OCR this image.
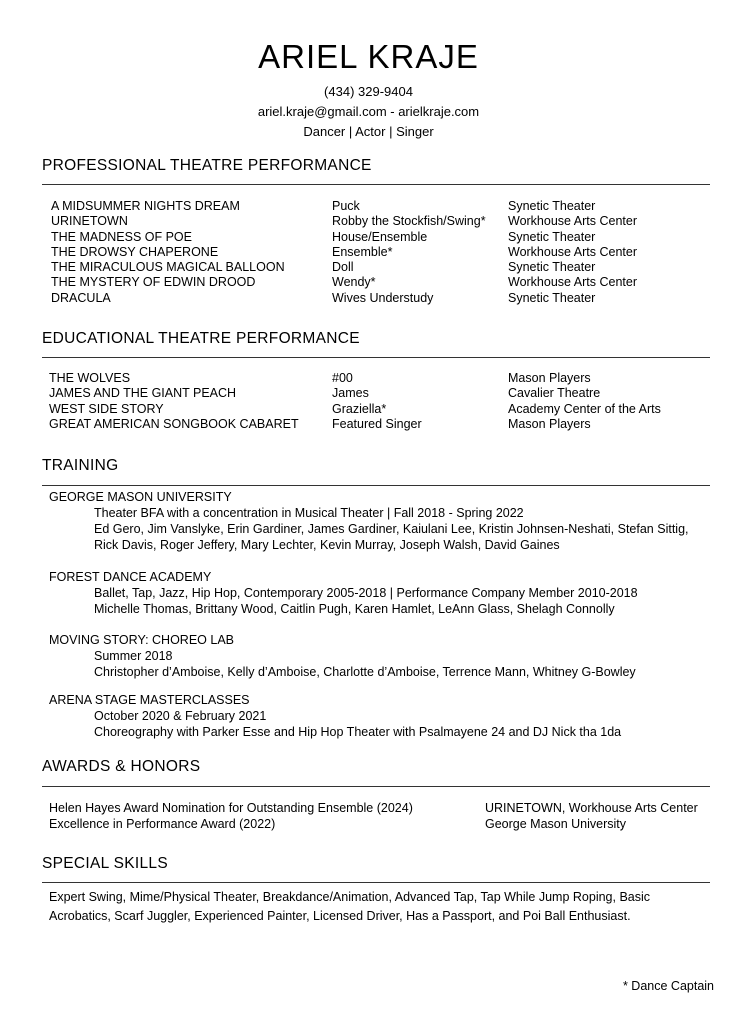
ARIEL KRAJE
(434) 329-9404
ariel.kraje@gmail.com - arielkraje.com
Dancer | Actor | Singer
PROFESSIONAL THEATRE PERFORMANCE
A MIDSUMMER NIGHTS DREAM	Puck	Synetic Theater
URINETOWN	Robby the Stockfish/Swing*	Workhouse Arts Center
THE MADNESS OF POE	House/Ensemble	Synetic Theater
THE DROWSY CHAPERONE	Ensemble*	Workhouse Arts Center
THE MIRACULOUS MAGICAL BALLOON	Doll	Synetic Theater
THE MYSTERY OF EDWIN DROOD	Wendy*	Workhouse Arts Center
DRACULA	Wives Understudy	Synetic Theater
EDUCATIONAL THEATRE PERFORMANCE
THE WOLVES	#00	Mason Players
JAMES AND THE GIANT PEACH	James	Cavalier Theatre
WEST SIDE STORY	Graziella*	Academy Center of the Arts
GREAT AMERICAN SONGBOOK CABARET	Featured Singer	Mason Players
TRAINING
GEORGE MASON UNIVERSITY
Theater BFA with a concentration in Musical Theater | Fall 2018 - Spring 2022
Ed Gero, Jim Vanslyke, Erin Gardiner, James Gardiner, Kaiulani Lee, Kristin Johnsen-Neshati, Stefan Sittig,
Rick Davis, Roger Jeffery, Mary Lechter, Kevin Murray, Joseph Walsh, David Gaines
FOREST DANCE ACADEMY
Ballet, Tap, Jazz, Hip Hop, Contemporary 2005-2018 | Performance Company Member 2010-2018
Michelle Thomas, Brittany Wood, Caitlin Pugh, Karen Hamlet, LeAnn Glass, Shelagh Connolly
MOVING STORY: CHOREO LAB
Summer 2018
Christopher d’Amboise, Kelly d’Amboise, Charlotte d’Amboise, Terrence Mann, Whitney G-Bowley
ARENA STAGE MASTERCLASSES
October 2020 & February 2021
Choreography with Parker Esse and Hip Hop Theater with Psalmayene 24 and DJ Nick tha 1da
AWARDS & HONORS
Helen Hayes Award Nomination for Outstanding Ensemble (2024)	URINETOWN, Workhouse Arts Center
Excellence in Performance Award (2022)	George Mason University
SPECIAL SKILLS
Expert Swing, Mime/Physical Theater, Breakdance/Animation, Advanced Tap, Tap While Jump Roping, Basic
Acrobatics, Scarf Juggler, Experienced Painter, Licensed Driver, Has a Passport, and Poi Ball Enthusiast.
* Dance Captain
